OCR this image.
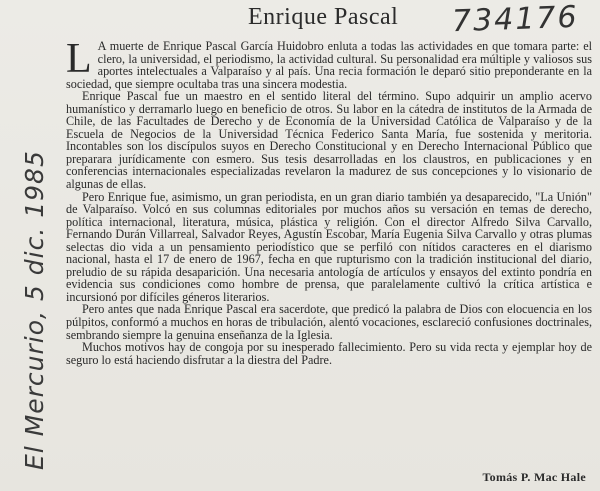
El Mercurio, 5 dic. 1985
Enrique Pascal 734176

L A muerte de Enrique Pascal García Huidobro enluta a todas las actividades en que tomara parte: el clero, la universidad, el periodismo, la actividad cultural. Su personalidad era múltiple y valiosos sus aportes intelectuales a Valparaíso y al país. Una recia formación le deparó sitio preponderante en la sociedad, que siempre ocultaba tras una sincera modestia.

Enrique Pascal fue un maestro en el sentido literal del término. Supo adquirir un amplio acervo humanístico y derramarlo luego en beneficio de otros. Su labor en la cátedra de institutos de la Armada de Chile, de las Facultades de Derecho y de Economía de la Universidad Católica de Valparaíso y de la Escuela de Negocios de la Universidad Técnica Federico Santa María, fue sostenida y meritoria. Incontables son los discípulos suyos en Derecho Constitucional y en Derecho Internacional Público que preparara jurídicamente con esmero. Sus tesis desarrolladas en los claustros, en publicaciones y en conferencias internacionales especializadas revelaron la madurez de sus concepciones y lo visionario de algunas de ellas.

Pero Enrique fue, asimismo, un gran periodista, en un gran diario también ya desaparecido, "La Unión" de Valparaíso. Volcó en sus columnas editoriales por muchos años su versación en temas de derecho, política internacional, literatura, música, plástica y religión. Con el director Alfredo Silva Carvallo, Fernando Durán Villarreal, Salvador Reyes, Agustín Escobar, María Eugenia Silva Carvallo y otras plumas selectas dio vida a un pensamiento periodístico que se perfiló con nítidos caracteres en el diarismo nacional, hasta el 17 de enero de 1967, fecha en que rupturismo con la tradición institucional del diario, preludio de su rápida desaparición. Una necesaria antología de artículos y ensayos del extinto pondría en evidencia sus condiciones como hombre de prensa, que paralelamente cultivó la crítica artística e incursionó por difíciles géneros literarios.

Pero antes que nada Enrique Pascal era sacerdote, que predicó la palabra de Dios con elocuencia en los púlpitos, conformó a muchos en horas de tribulación, alentó vocaciones, esclareció confusiones doctrinales, sembrando siempre la genuina enseñanza de la Iglesia.

Muchos motivos hay de congoja por su inesperado fallecimiento. Pero su vida recta y ejemplar hoy de seguro lo está haciendo disfrutar a la diestra del Padre.

Tomás P. Mac Hale
